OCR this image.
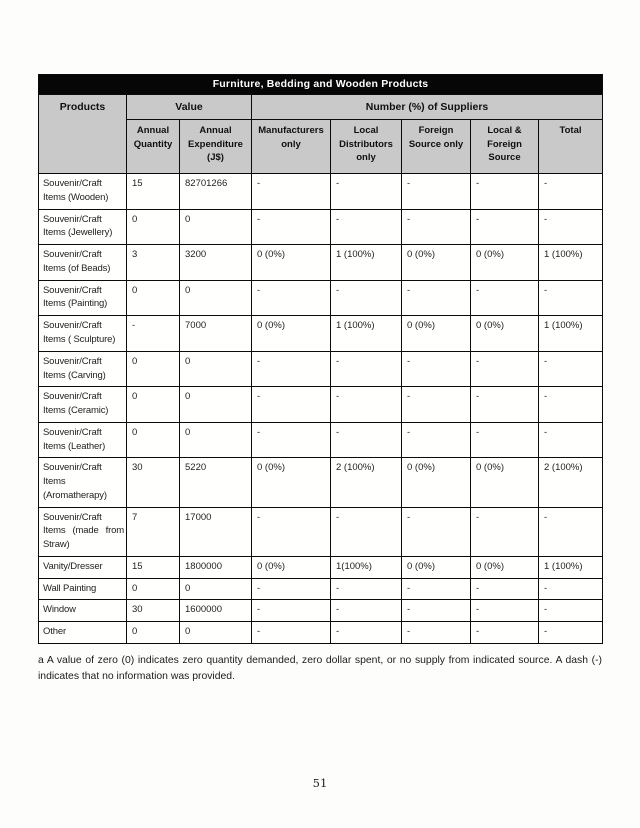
Furniture, Bedding and Wooden Products							
Products	Value		Number (%) of Suppliers				
	Annual Quantity	Annual Expenditure (J$)	Manufacturers only	Local Distributors only	Foreign Source only	Local & Foreign Source	Total
Souvenir/Craft Items (Wooden)	15	82701266	-	-	-	-	-
Souvenir/Craft Items (Jewellery)	0	0	-	-	-	-	-
Souvenir/Craft Items (of Beads)	3	3200	0 (0%)	1 (100%)	0 (0%)	0 (0%)	1 (100%)
Souvenir/Craft Items (Painting)	0	0	-	-	-	-	-
Souvenir/Craft Items ( Sculpture)	-	7000	0 (0%)	1 (100%)	0 (0%)	0 (0%)	1 (100%)
Souvenir/Craft Items (Carving)	0	0	-	-	-	-	-
Souvenir/Craft Items (Ceramic)	0	0	-	-	-	-	-
Souvenir/Craft Items (Leather)	0	0	-	-	-	-	-
Souvenir/Craft Items (Aromatherapy)	30	5220	0 (0%)	2 (100%)	0 (0%)	0 (0%)	2 (100%)
Souvenir/Craft Items (made from Straw)	7	17000	-	-	-	-	-
Vanity/Dresser	15	1800000	0 (0%)	1(100%)	0 (0%)	0 (0%)	1 (100%)
Wall Painting	0	0	-	-	-	-	-
Window	30	1600000	-	-	-	-	-
Other	0	0	-	-	-	-	-

a A value of zero (0) indicates zero quantity demanded, zero dollar spent, or no supply from indicated source. A dash (-) indicates that no information was provided.

51
